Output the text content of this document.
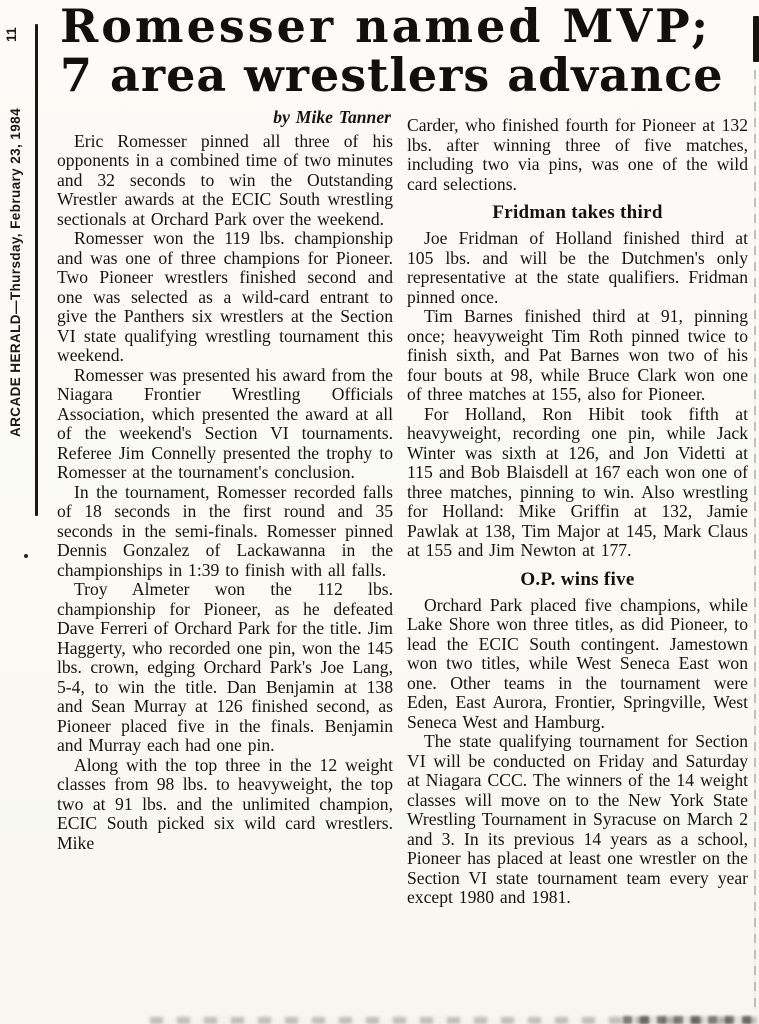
11
ARCADE HERALD—Thursday, February 23, 1984
Romesser named MVP;
7 area wrestlers advance

by Mike Tanner

Eric Romesser pinned all three of his opponents in a combined time of two minutes and 32 seconds to win the Outstanding Wrestler awards at the ECIC South wrestling sectionals at Orchard Park over the weekend.

Romesser won the 119 lbs. championship and was one of three champions for Pioneer. Two Pioneer wrestlers finished second and one was selected as a wild-card entrant to give the Panthers six wrestlers at the Section VI state qualifying wrestling tournament this weekend.

Romesser was presented his award from the Niagara Frontier Wrestling Officials Association, which presented the award at all of the weekend's Section VI tournaments. Referee Jim Connelly presented the trophy to Romesser at the tournament's conclusion.

In the tournament, Romesser recorded falls of 18 seconds in the first round and 35 seconds in the semi-finals. Romesser pinned Dennis Gonzalez of Lackawanna in the championships in 1:39 to finish with all falls.

Troy Almeter won the 112 lbs. championship for Pioneer, as he defeated Dave Ferreri of Orchard Park for the title. Jim Haggerty, who recorded one pin, won the 145 lbs. crown, edging Orchard Park's Joe Lang, 5-4, to win the title. Dan Benjamin at 138 and Sean Murray at 126 finished second, as Pioneer placed five in the finals. Benjamin and Murray each had one pin.

Along with the top three in the 12 weight classes from 98 lbs. to heavyweight, the top two at 91 lbs. and the unlimited champion, ECIC South picked six wild card wrestlers. Mike

Carder, who finished fourth for Pioneer at 132 lbs. after winning three of five matches, including two via pins, was one of the wild card selections.

Fridman takes third

Joe Fridman of Holland finished third at 105 lbs. and will be the Dutchmen's only representative at the state qualifiers. Fridman pinned once.

Tim Barnes finished third at 91, pinning once; heavyweight Tim Roth pinned twice to finish sixth, and Pat Barnes won two of his four bouts at 98, while Bruce Clark won one of three matches at 155, also for Pioneer.

For Holland, Ron Hibit took fifth at heavyweight, recording one pin, while Jack Winter was sixth at 126, and Jon Videtti at 115 and Bob Blaisdell at 167 each won one of three matches, pinning to win. Also wrestling for Holland: Mike Griffin at 132, Jamie Pawlak at 138, Tim Major at 145, Mark Claus at 155 and Jim Newton at 177.

O.P. wins five

Orchard Park placed five champions, while Lake Shore won three titles, as did Pioneer, to lead the ECIC South contingent. Jamestown won two titles, while West Seneca East won one. Other teams in the tournament were Eden, East Aurora, Frontier, Springville, West Seneca West and Hamburg.

The state qualifying tournament for Section VI will be conducted on Friday and Saturday at Niagara CCC. The winners of the 14 weight classes will move on to the New York State Wrestling Tournament in Syracuse on March 2 and 3. In its previous 14 years as a school, Pioneer has placed at least one wrestler on the Section VI state tournament team every year except 1980 and 1981.
